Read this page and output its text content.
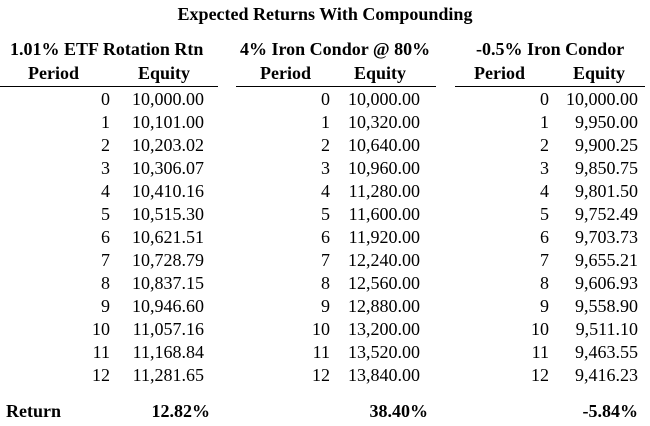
Expected Returns With Compounding
1.01% ETF Rotation Rtn
Period	Equity
0 10,000.00
1 10,101.00
2 10,203.02
3 10,306.07
4 10,410.16
5 10,515.30
6 10,621.51
7 10,728.79
8 10,837.15
9 10,946.60
10 11,057.16
11 11,168.84
12 11,281.65
4% Iron Condor @ 80%
Period Equity
0 10,000.00
1 10,320.00
2 10,640.00
3 10,960.00
4 11,280.00
5 11,600.00
6 11,920.00
7 12,240.00
8 12,560.00
9 12,880.00
10 13,200.00
11 13,520.00
12 13,840.00
-0.5% Iron Condor
Period	Equity
0 10,000.00
1 9,950.00
2 9,900.25
3 9,850.75
4 9,801.50
5 9,752.49
6 9,703.73
7 9,655.21
8 9,606.93
9 9,558.90
10 9,511.10
11 9,463.55
12 9,416.23
Return	12.82%	38.40%	-5.84%
